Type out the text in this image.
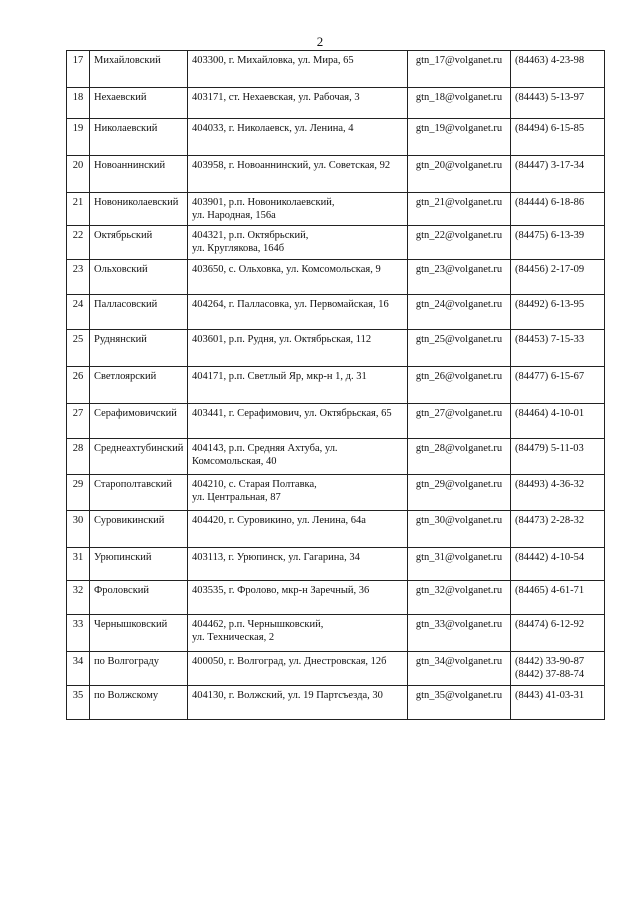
2
17	Михайловский	403300, г. Михайловка, ул. Мира, 65	gtn_17@volganet.ru	(84463) 4-23-98

18	Нехаевский	403171, ст. Нехаевская, ул. Рабочая, 3	gtn_18@volganet.ru	(84443) 5-13-97

19	Николаевский	404033, г. Николаевск, ул. Ленина, 4	gtn_19@volganet.ru	(84494) 6-15-85

20	Новоаннинский	403958, г. Новоаннинский, ул. Советская, 92	gtn_20@volganet.ru	(84447) 3-17-34

21	Новониколаевский	403901, р.п. Новониколаевский,
ул. Народная, 156а	gtn_21@volganet.ru	(84444) 6-18-86

22	Октябрьский	404321, р.п. Октябрьский,
ул. Круглякова, 164б	gtn_22@volganet.ru	(84475) 6-13-39

23	Ольховский	403650, с. Ольховка, ул. Комсомольская, 9	gtn_23@volganet.ru	(84456) 2-17-09

24	Палласовский	404264, г. Палласовка, ул. Первомайская, 16	gtn_24@volganet.ru	(84492) 6-13-95

25	Руднянский	403601, р.п. Рудня, ул. Октябрьская, 112	gtn_25@volganet.ru	(84453) 7-15-33

26	Светлоярский	404171, р.п. Светлый Яр, мкр-н 1, д. 31	gtn_26@volganet.ru	(84477) 6-15-67

27	Серафимовичский	403441, г. Серафимович, ул. Октябрьская, 65	gtn_27@volganet.ru	(84464) 4-10-01

28	Среднеахтубинский	404143, р.п. Средняя Ахтуба, ул.
Комсомольская, 40	gtn_28@volganet.ru	(84479) 5-11-03

29	Старополтавский	404210, с. Старая Полтавка,
ул. Центральная, 87	gtn_29@volganet.ru	(84493) 4-36-32

30	Суровикинский	404420, г. Суровикино, ул. Ленина, 64а	gtn_30@volganet.ru	(84473) 2-28-32

31	Урюпинский	403113, г. Урюпинск, ул. Гагарина, 34	gtn_31@volganet.ru	(84442) 4-10-54

32	Фроловский	403535, г. Фролово, мкр-н Заречный, 36	gtn_32@volganet.ru	(84465) 4-61-71

33	Чернышковский	404462, р.п. Чернышковский,
ул. Техническая, 2	gtn_33@volganet.ru	(84474) 6-12-92

34	по Волгограду	400050, г. Волгоград, ул. Днестровская, 12б	gtn_34@volganet.ru	(8442) 33-90-87
(8442) 37-88-74

35	по Волжскому	404130, г. Волжский, ул. 19 Партсъезда, 30	gtn_35@volganet.ru	(8443) 41-03-31
